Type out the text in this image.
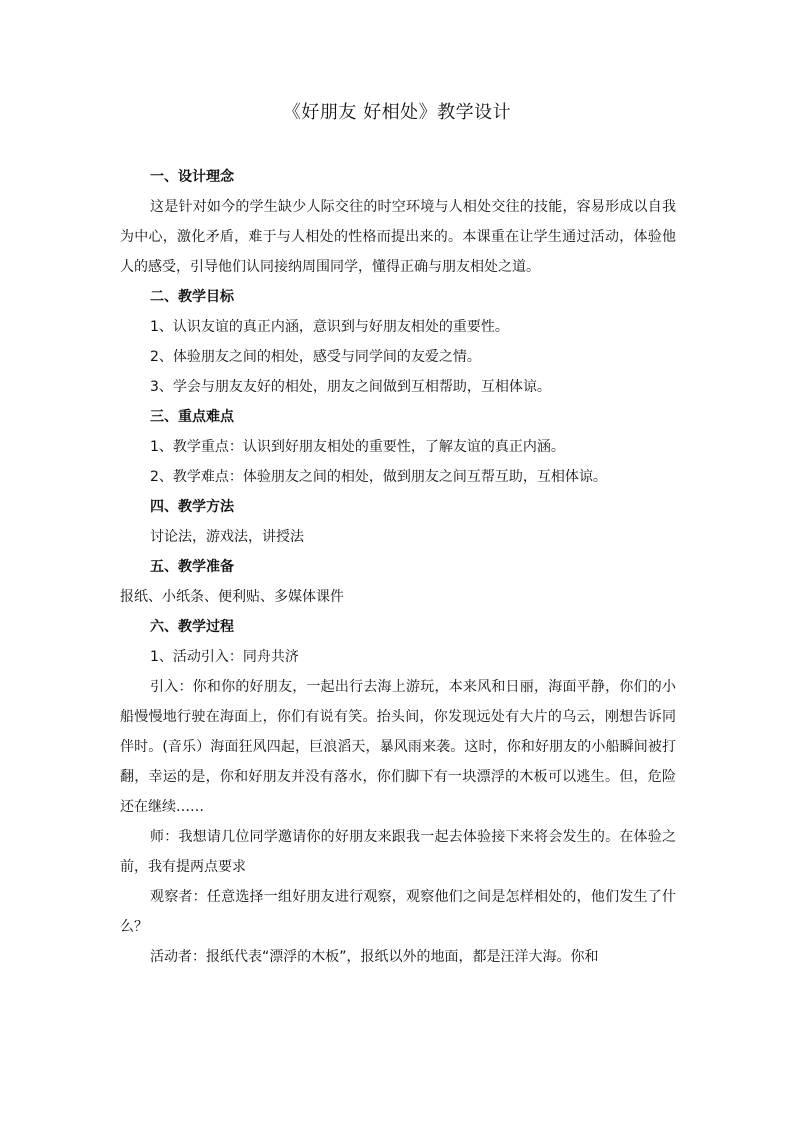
《好朋友 好相处》教学设计

一、设计理念

这是针对如今的学生缺少人际交往的时空环境与人相处交往的技能，容易形成以自我为中心，激化矛盾，难于与人相处的性格而提出来的。本课重在让学生通过活动，体验他人的感受，引导他们认同接纳周围同学，懂得正确与朋友相处之道。

二、教学目标

1、认识友谊的真正内涵，意识到与好朋友相处的重要性。

2、体验朋友之间的相处，感受与同学间的友爱之情。

3、学会与朋友友好的相处，朋友之间做到互相帮助，互相体谅。

三、重点难点

1、教学重点：认识到好朋友相处的重要性，了解友谊的真正内涵。

2、教学难点：体验朋友之间的相处，做到朋友之间互帮互助，互相体谅。

四、教学方法

讨论法，游戏法，讲授法

五、教学准备

报纸、小纸条、便利贴、多媒体课件

六、教学过程

1、活动引入：同舟共济

引入：你和你的好朋友，一起出行去海上游玩，本来风和日丽，海面平静，你们的小船慢慢地行驶在海面上，你们有说有笑。抬头间，你发现远处有大片的乌云，刚想告诉同伴时。(音乐）海面狂风四起，巨浪滔天，暴风雨来袭。这时，你和好朋友的小船瞬间被打翻，幸运的是，你和好朋友并没有落水，你们脚下有一块漂浮的木板可以逃生。但，危险还在继续……

师：我想请几位同学邀请你的好朋友来跟我一起去体验接下来将会发生的。在体验之前，我有提两点要求

观察者：任意选择一组好朋友进行观察，观察他们之间是怎样相处的，他们发生了什么？

活动者：报纸代表“漂浮的木板”，报纸以外的地面，都是汪洋大海。你和
